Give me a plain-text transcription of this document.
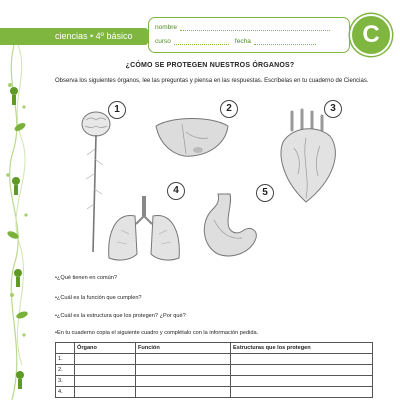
ciencias • 4º básico
nombre
curso	fecha	C
¿CÓMO SE PROTEGEN NUESTROS ÓRGANOS?
Observa los siguientes órganos, lee las preguntas y piensa en las respuestas. Escríbelas en tu cuaderno de Ciencias.
1	2	3
4	5
•¿Qué tienen en común?
•¿Cuál es la función que cumplen?
•¿Cuál es la estructura que los protegen? ¿Por qué?
•En tu cuaderno copia el siguiente cuadro y complétalo con la información pedida.
	Órgano	Función	Estructuras que los protegen
1.			
2.			
3.			
4.			
